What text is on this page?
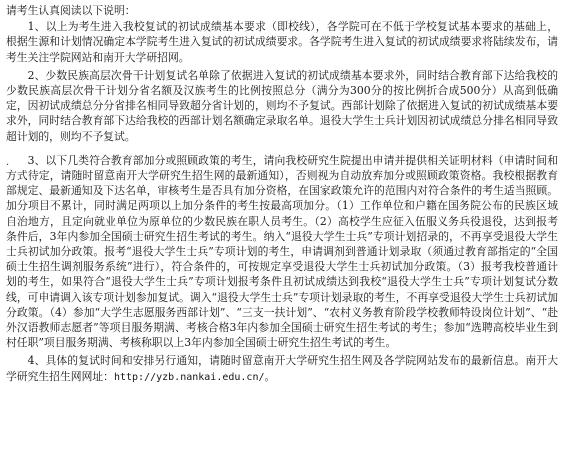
请考生认真阅读以下说明：
1、以上为考生进入我校复试的初试成绩基本要求（即校线），各学院可在不低于学校复试基本要求的基础上，根据生源和计划情况确定本学院考生进入复试的初试成绩要求。各学院考生进入复试的初试成绩要求将陆续发布，请考生关注学院网站和南开大学研招网。
2、少数民族高层次骨干计划复试名单除了依据进入复试的初试成绩基本要求外，同时结合教育部下达给我校的少数民族高层次骨干计划分省名额及汉族考生的比例按照总分（满分为300分的按比例折合成500分）从高到低确定，因初试成绩总分分省排名相同导致超分省计划的，则均不予复试。西部计划除了依据进入复试的初试成绩基本要求外，同时结合教育部下达给我校的西部计划名额确定录取名单。退役大学生士兵计划因初试成绩总分排名相同导致超计划的，则均不予复试。
.	3、以下几类符合教育部加分或照顾政策的考生，请向我校研究生院提出申请并提供相关证明材料（申请时间和方式待定，请随时留意南开大学研究生招生网的最新通知），否则视为自动放弃加分或照顾政策资格。我校根据教育部规定、最新通知及下达名单，审核考生是否具有加分资格，在国家政策允许的范围内对符合条件的考生适当照顾。加分项目不累计，同时满足两项以上加分条件的考生按最高项加分。（1）工作单位和户籍在国务院公布的民族区域自治地方，且定向就业单位为原单位的少数民族在职人员考生。（2）高校学生应征入伍服义务兵役退役，达到报考条件后，3年内参加全国硕士研究生招生考试的考生。纳入“退役大学生士兵”专项计划招录的，不再享受退役大学生士兵初试加分政策。报考“退役大学生士兵”专项计划的考生，申请调剂到普通计划录取（须通过教育部指定的“全国硕士生招生调剂服务系统”进行），符合条件的，可按规定享受退役大学生士兵初试加分政策。（3）报考我校普通计划的考生，如果符合“退役大学生士兵”专项计划报考条件且初试成绩达到我校“退役大学生士兵”专项计划复试分数线，可申请调入该专项计划参加复试。调入“退役大学生士兵”专项计划录取的考生，不再享受退役大学生士兵初试加分政策。（4）参加“大学生志愿服务西部计划”、“三支一扶计划”、“农村义务教育阶段学校教师特设岗位计划”、“赴外汉语教师志愿者”等项目服务期满、考核合格3年内参加全国硕士研究生招生考试的考生；参加“选聘高校毕业生到村任职”项目服务期满、考核称职以上3年内参加全国硕士研究生招生考试的考生。
4、具体的复试时间和安排另行通知，请随时留意南开大学研究生招生网及各学院网站发布的最新信息。南开大学研究生招生网网址：http://yzb.nankai.edu.cn/。
